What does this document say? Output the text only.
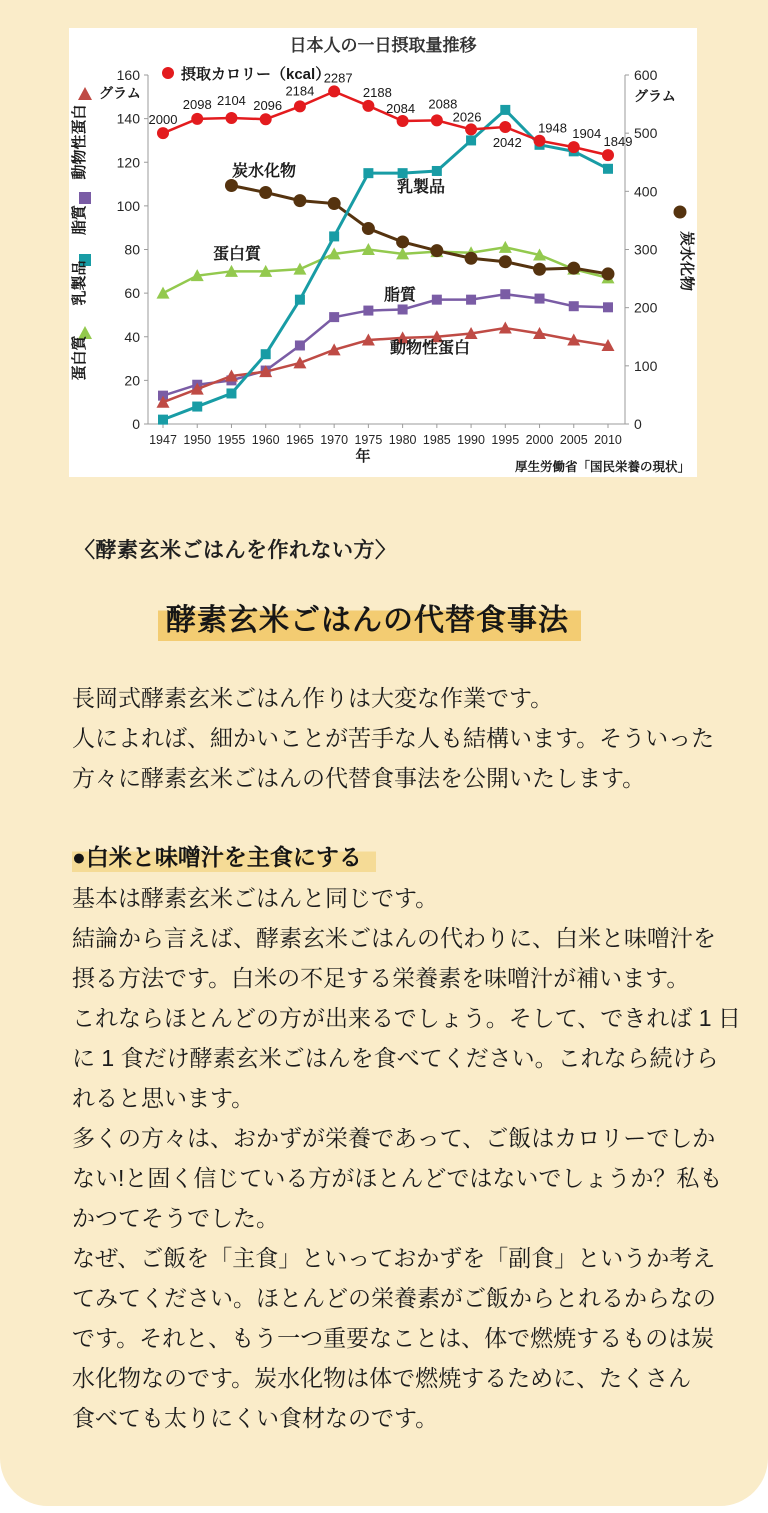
日本人の一日摂取量推移
0
20
40
60
80
100
120
140
160
0
100
200
300
400
500
600
1947 1950 1955 1960 1965 1970 1975 1980 1985 1990 1995 2000 2005 2010
グラム	グラム
動物性蛋白
脂質
乳製品
蛋白質
炭水化物
摂取カロリー（kcal）
2000
2098 2104 2096
2184
2287
2188
2084 2088
2026
2042
1948 1904
1849
炭水化物
乳製品
蛋白質
脂質
動物性蛋白
年
厚生労働省「国民栄養の現状」
〈酵素玄米ごはんを作れない方〉
酵素玄米ごはんの代替食事法
長岡式酵素玄米ごはん作りは大変な作業です。
人によれば、細かいことが苦手な人も結構います。そういった
方々に酵素玄米ごはんの代替食事法を公開いたします。
●白米と味噌汁を主食にする
基本は酵素玄米ごはんと同じです。
結論から言えば、酵素玄米ごはんの代わりに、白米と味噌汁を
摂る方法です。白米の不足する栄養素を味噌汁が補います。
これならほとんどの方が出来るでしょう。そして、できれば 1 日
に 1 食だけ酵素玄米ごはんを食べてください。これなら続けら
れると思います。
多くの方々は、おかずが栄養であって、ご飯はカロリーでしか
ない!と固く信じている方がほとんどではないでしょうか？私も
かつてそうでした。
なぜ、ご飯を「主食」といっておかずを「副食」というか考え
てみてください。ほとんどの栄養素がご飯からとれるからなの
です。それと、もう一つ重要なことは、体で燃焼するものは炭
水化物なのです。炭水化物は体で燃焼するために、たくさん
食べても太りにくい食材なのです。
